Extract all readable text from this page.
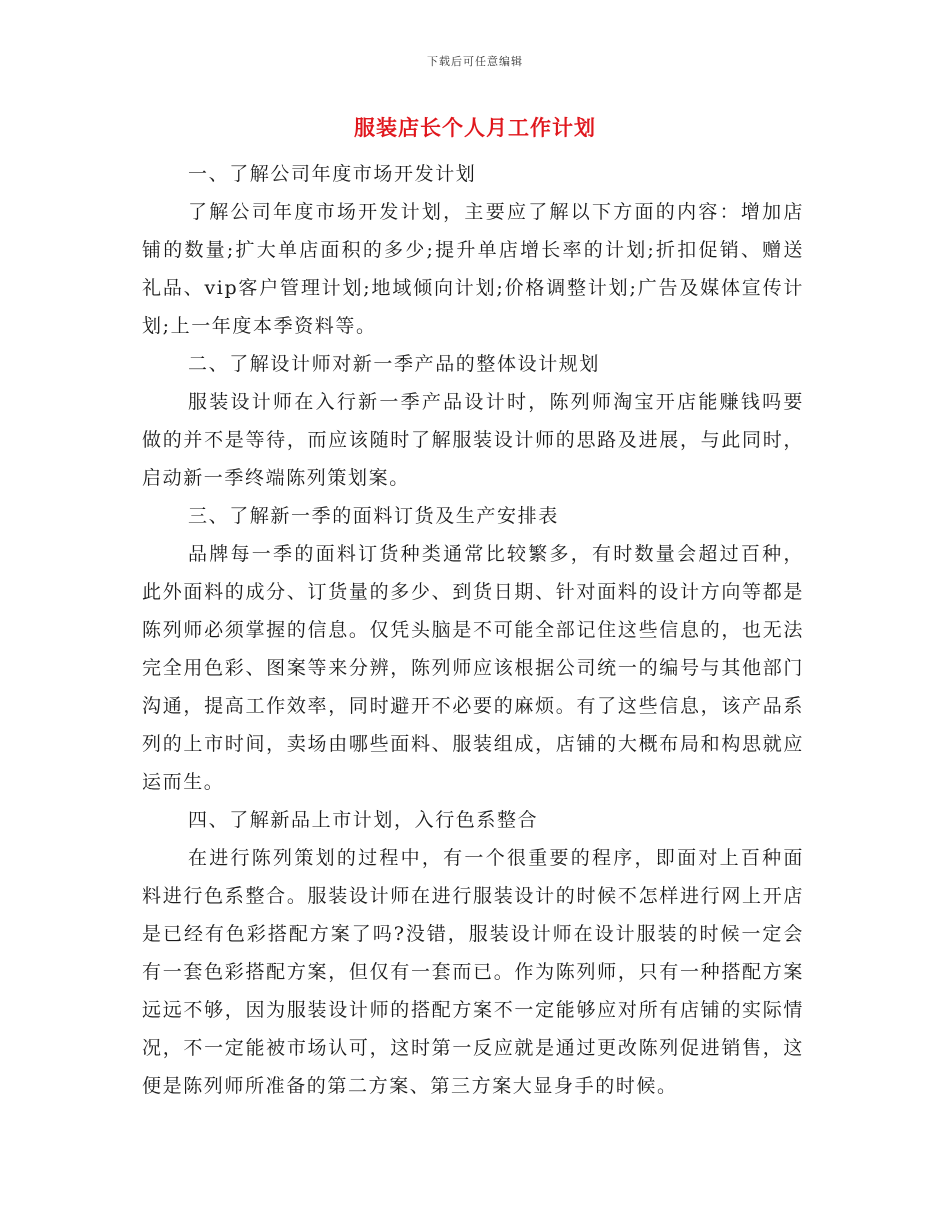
下载后可任意编辑
服装店长个人月工作计划

一、了解公司年度市场开发计划

了解公司年度市场开发计划，主要应了解以下方面的内容：增加店铺的数量;扩大单店面积的多少;提升单店增长率的计划;折扣促销、赠送礼品、vip客户管理计划;地域倾向计划;价格调整计划;广告及媒体宣传计划;上一年度本季资料等。

二、了解设计师对新一季产品的整体设计规划

服装设计师在入行新一季产品设计时，陈列师淘宝开店能赚钱吗要做的并不是等待，而应该随时了解服装设计师的思路及进展，与此同时，启动新一季终端陈列策划案。

三、了解新一季的面料订货及生产安排表

品牌每一季的面料订货种类通常比较繁多，有时数量会超过百种，此外面料的成分、订货量的多少、到货日期、针对面料的设计方向等都是陈列师必须掌握的信息。仅凭头脑是不可能全部记住这些信息的，也无法完全用色彩、图案等来分辨，陈列师应该根据公司统一的编号与其他部门沟通，提高工作效率，同时避开不必要的麻烦。有了这些信息，该产品系列的上市时间，卖场由哪些面料、服装组成，店铺的大概布局和构思就应运而生。

四、了解新品上市计划，入行色系整合

在进行陈列策划的过程中，有一个很重要的程序，即面对上百种面料进行色系整合。服装设计师在进行服装设计的时候不怎样进行网上开店是已经有色彩搭配方案了吗?没错，服装设计师在设计服装的时候一定会有一套色彩搭配方案，但仅有一套而已。作为陈列师，只有一种搭配方案远远不够，因为服装设计师的搭配方案不一定能够应对所有店铺的实际情况，不一定能被市场认可，这时第一反应就是通过更改陈列促进销售，这便是陈列师所准备的第二方案、第三方案大显身手的时候。
